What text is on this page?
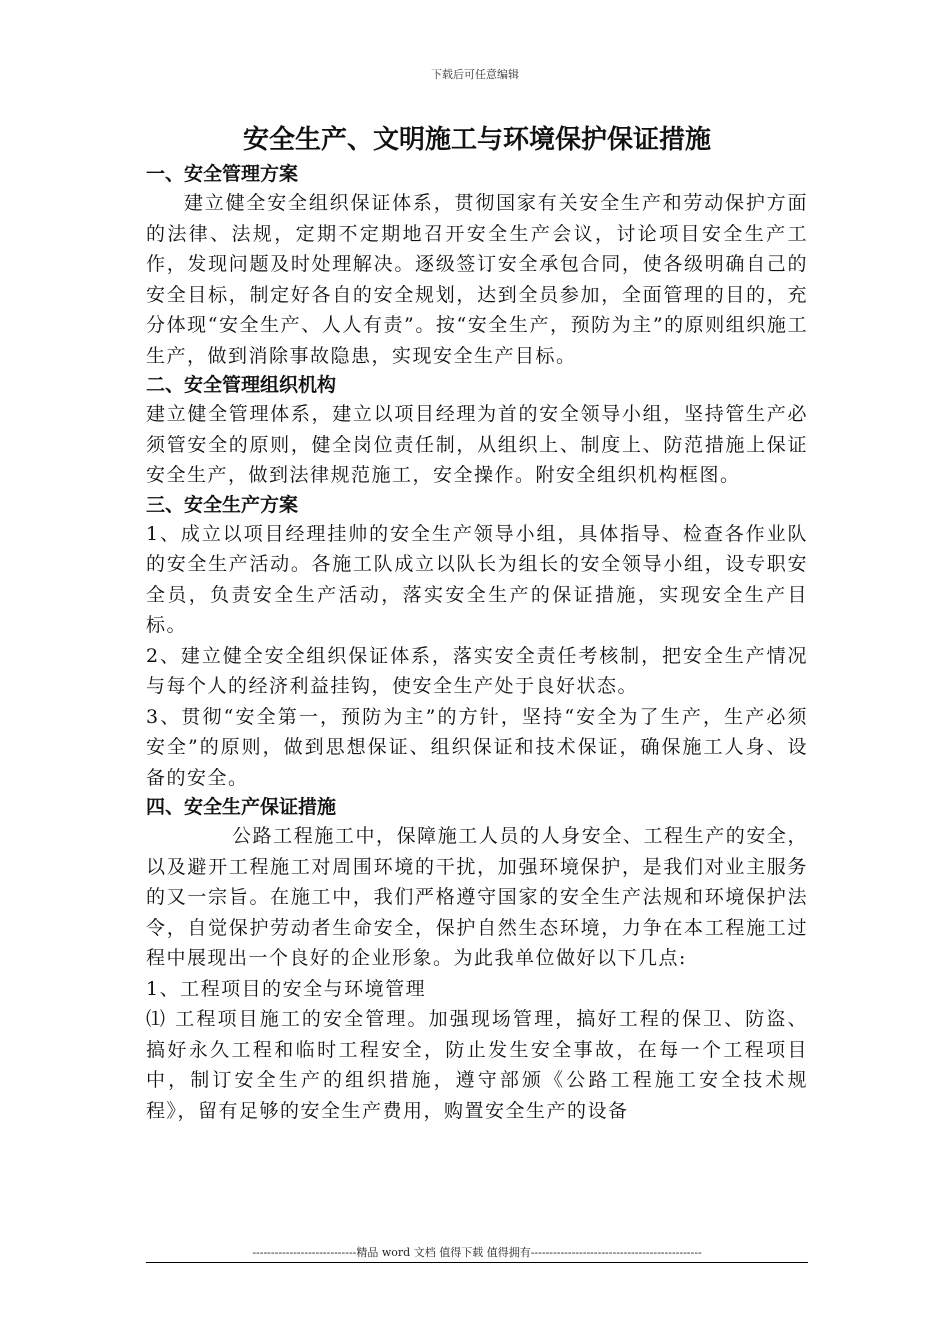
下载后可任意编辑
安全生产、文明施工与环境保护保证措施
一、安全管理方案

建立健全安全组织保证体系，贯彻国家有关安全生产和劳动保护方面的法律、法规，定期不定期地召开安全生产会议，讨论项目安全生产工作，发现问题及时处理解决。逐级签订安全承包合同，使各级明确自己的安全目标，制定好各自的安全规划，达到全员参加，全面管理的目的，充分体现“安全生产、人人有责”。按“安全生产，预防为主”的原则组织施工生产，做到消除事故隐患，实现安全生产目标。

二、安全管理组织机构

建立健全管理体系，建立以项目经理为首的安全领导小组，坚持管生产必须管安全的原则，健全岗位责任制，从组织上、制度上、防范措施上保证安全生产，做到法律规范施工，安全操作。附安全组织机构框图。

三、安全生产方案

1、成立以项目经理挂帅的安全生产领导小组，具体指导、检查各作业队的安全生产活动。各施工队成立以队长为组长的安全领导小组，设专职安全员，负责安全生产活动，落实安全生产的保证措施，实现安全生产目标。

2、建立健全安全组织保证体系，落实安全责任考核制，把安全生产情况与每个人的经济利益挂钩，使安全生产处于良好状态。

3、贯彻“安全第一，预防为主”的方针，坚持“安全为了生产，生产必须安全”的原则，做到思想保证、组织保证和技术保证，确保施工人身、设备的安全。

四、安全生产保证措施

公路工程施工中，保障施工人员的人身安全、工程生产的安全，以及避开工程施工对周围环境的干扰，加强环境保护，是我们对业主服务的又一宗旨。在施工中，我们严格遵守国家的安全生产法规和环境保护法令，自觉保护劳动者生命安全，保护自然生态环境，力争在本工程施工过程中展现出一个良好的企业形象。为此我单位做好以下几点:

1、工程项目的安全与环境管理

⑴ 工程项目施工的安全管理。加强现场管理，搞好工程的保卫、防盗、搞好永久工程和临时工程安全，防止发生安全事故，在每一个工程项目中，制订安全生产的组织措施，遵守部颁《公路工程施工安全技术规程》，留有足够的安全生产费用，购置安全生产的设备

----------------------------精品 word 文档 值得下载 值得拥有----------------------------------------------
